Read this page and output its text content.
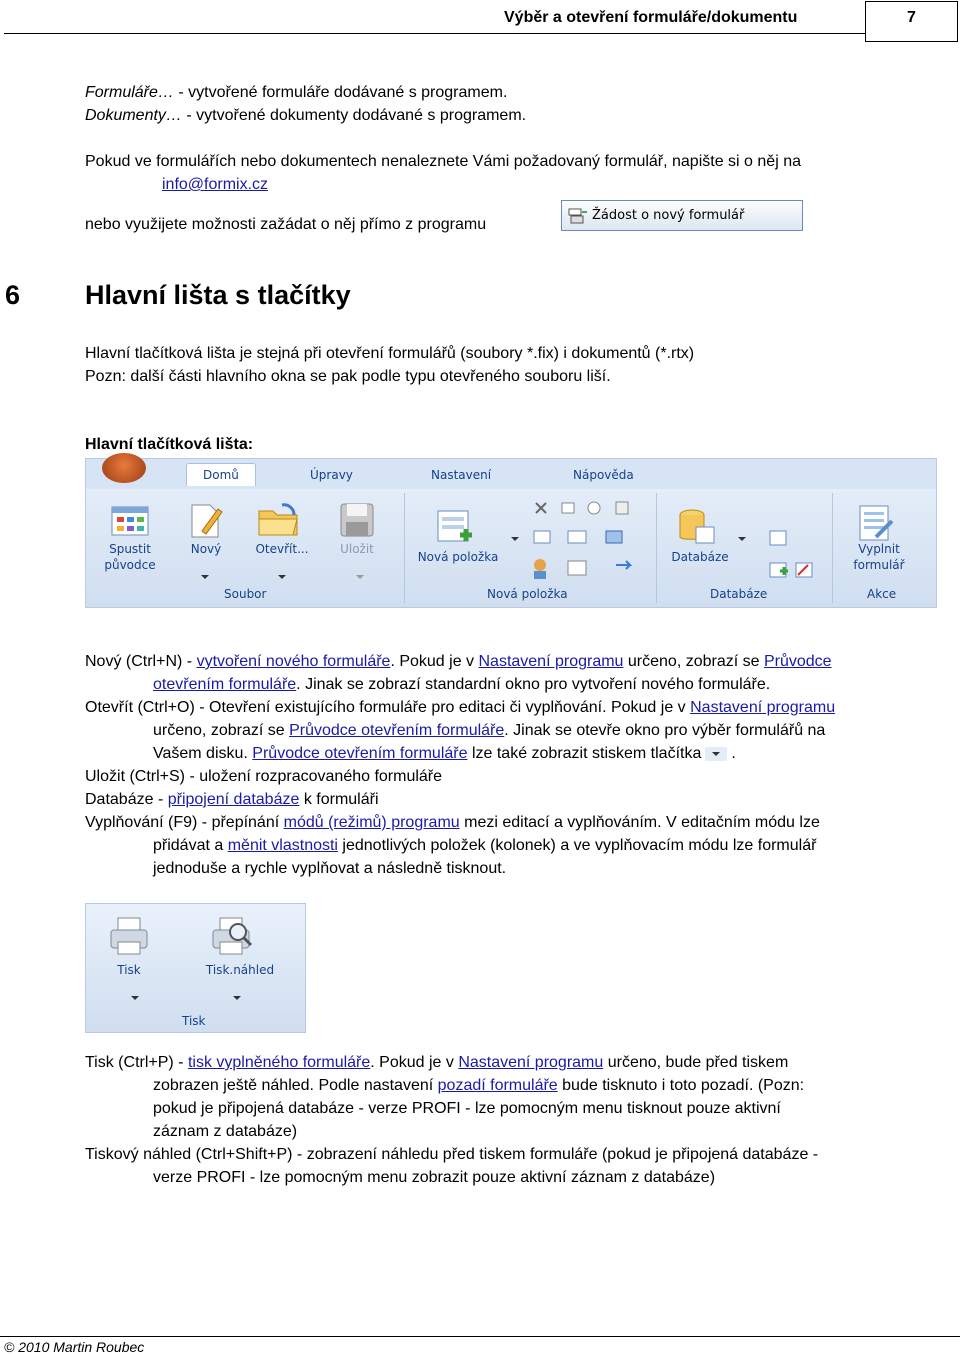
Výběr a otevření formuláře/dokumentu	7
Formuláře… - vytvořené formuláře dodávané s programem.
Dokumenty… - vytvořené dokumenty dodávané s programem.
Pokud ve formulářích nebo dokumentech nenaleznete Vámi požadovaný formulář, napište si o něj na
info@formix.cz
nebo využijete možnosti zažádat o něj přímo z programu
Žádost o nový formulář
6 Hlavní lišta s tlačítky
Hlavní tlačítková lišta je stejná při otevření formulářů (soubory *.fix) i dokumentů (*.rtx)
Pozn: další části hlavního okna se pak podle typu otevřeného souboru liší.
Hlavní tlačítková lišta:
Domů	Úpravy	Nastavení	Nápověda
Spustit
původce
Nový	Otevřít...	Uložit
Soubor
Nová položka
Nová položka
Databáze
Databáze
Vyplnit
formulář
Akce
Nový (Ctrl+N) - vytvoření nového formuláře. Pokud je v Nastavení programu určeno, zobrazí se Průvodce
otevřením formuláře. Jinak se zobrazí standardní okno pro vytvoření nového formuláře.
Otevřít (Ctrl+O) - Otevření existujícího formuláře pro editaci či vyplňování. Pokud je v Nastavení programu
určeno, zobrazí se Průvodce otevřením formuláře. Jinak se otevře okno pro výběr formulářů na
Vašem disku. Průvodce otevřením formuláře lze také zobrazit stiskem tlačítka .
Uložit (Ctrl+S) - uložení rozpracovaného formuláře
Databáze - připojení databáze k formuláři
Vyplňování (F9) - přepínání módů (režimů) programu mezi editací a vyplňováním. V editačním módu lze
přidávat a měnit vlastnosti jednotlivých položek (kolonek) a ve vyplňovacím módu lze formulář
jednoduše a rychle vyplňovat a následně tisknout.
Tisk	Tisk.náhled
Tisk
Tisk (Ctrl+P) - tisk vyplněného formuláře. Pokud je v Nastavení programu určeno, bude před tiskem
zobrazen ještě náhled. Podle nastavení pozadí formuláře bude tisknuto i toto pozadí. (Pozn:
pokud je připojená databáze - verze PROFI - lze pomocným menu tisknout pouze aktivní
záznam z databáze)
Tiskový náhled (Ctrl+Shift+P) - zobrazení náhledu před tiskem formuláře (pokud je připojená databáze -
verze PROFI - lze pomocným menu zobrazit pouze aktivní záznam z databáze)
© 2010 Martin Roubec
